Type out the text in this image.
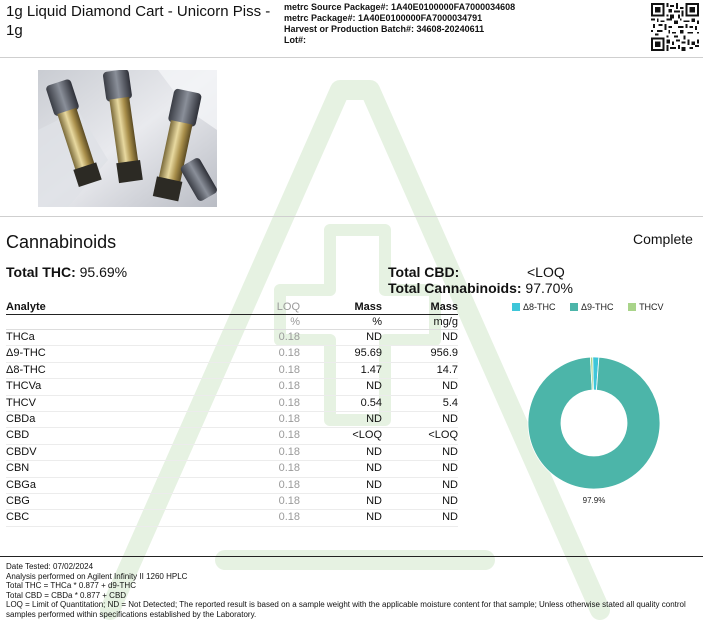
1g Liquid Diamond Cart - Unicorn Piss - 1g
metrc Source Package#: 1A40E0100000FA7000034608
metrc Package#: 1A40E0100000FA7000034791
Harvest or Production Batch#: 34608-20240611
Lot#:
Cannabinoids	Complete
Total THC: 95.69%	Total CBD:	<LOQ
Total Cannabinoids: 97.70%
Analyte	LOQ	Mass	Mass
	%	%	mg/g
THCa	0.18	ND	ND
Δ9-THC	0.18	95.69	956.9
Δ8-THC	0.18	1.47	14.7
THCVa	0.18	ND	ND
THCV	0.18	0.54	5.4
CBDa	0.18	ND	ND
CBD	0.18	<LOQ	<LOQ
CBDV	0.18	ND	ND
CBN	0.18	ND	ND
CBGa	0.18	ND	ND
CBG	0.18	ND	ND
CBC	0.18	ND	ND
Δ8-THC	Δ9-THC	THCV
97.9%
Date Tested: 07/02/2024
Analysis performed on Agilent Infinity II 1260 HPLC
Total THC = THCa * 0.877 + d9-THC
Total CBD = CBDa * 0.877 + CBD
LOQ = Limit of Quantitation; ND = Not Detected; The reported result is based on a sample weight with the applicable moisture content for that sample; Unless otherwise stated all quality control samples performed within specifications established by the Laboratory.
